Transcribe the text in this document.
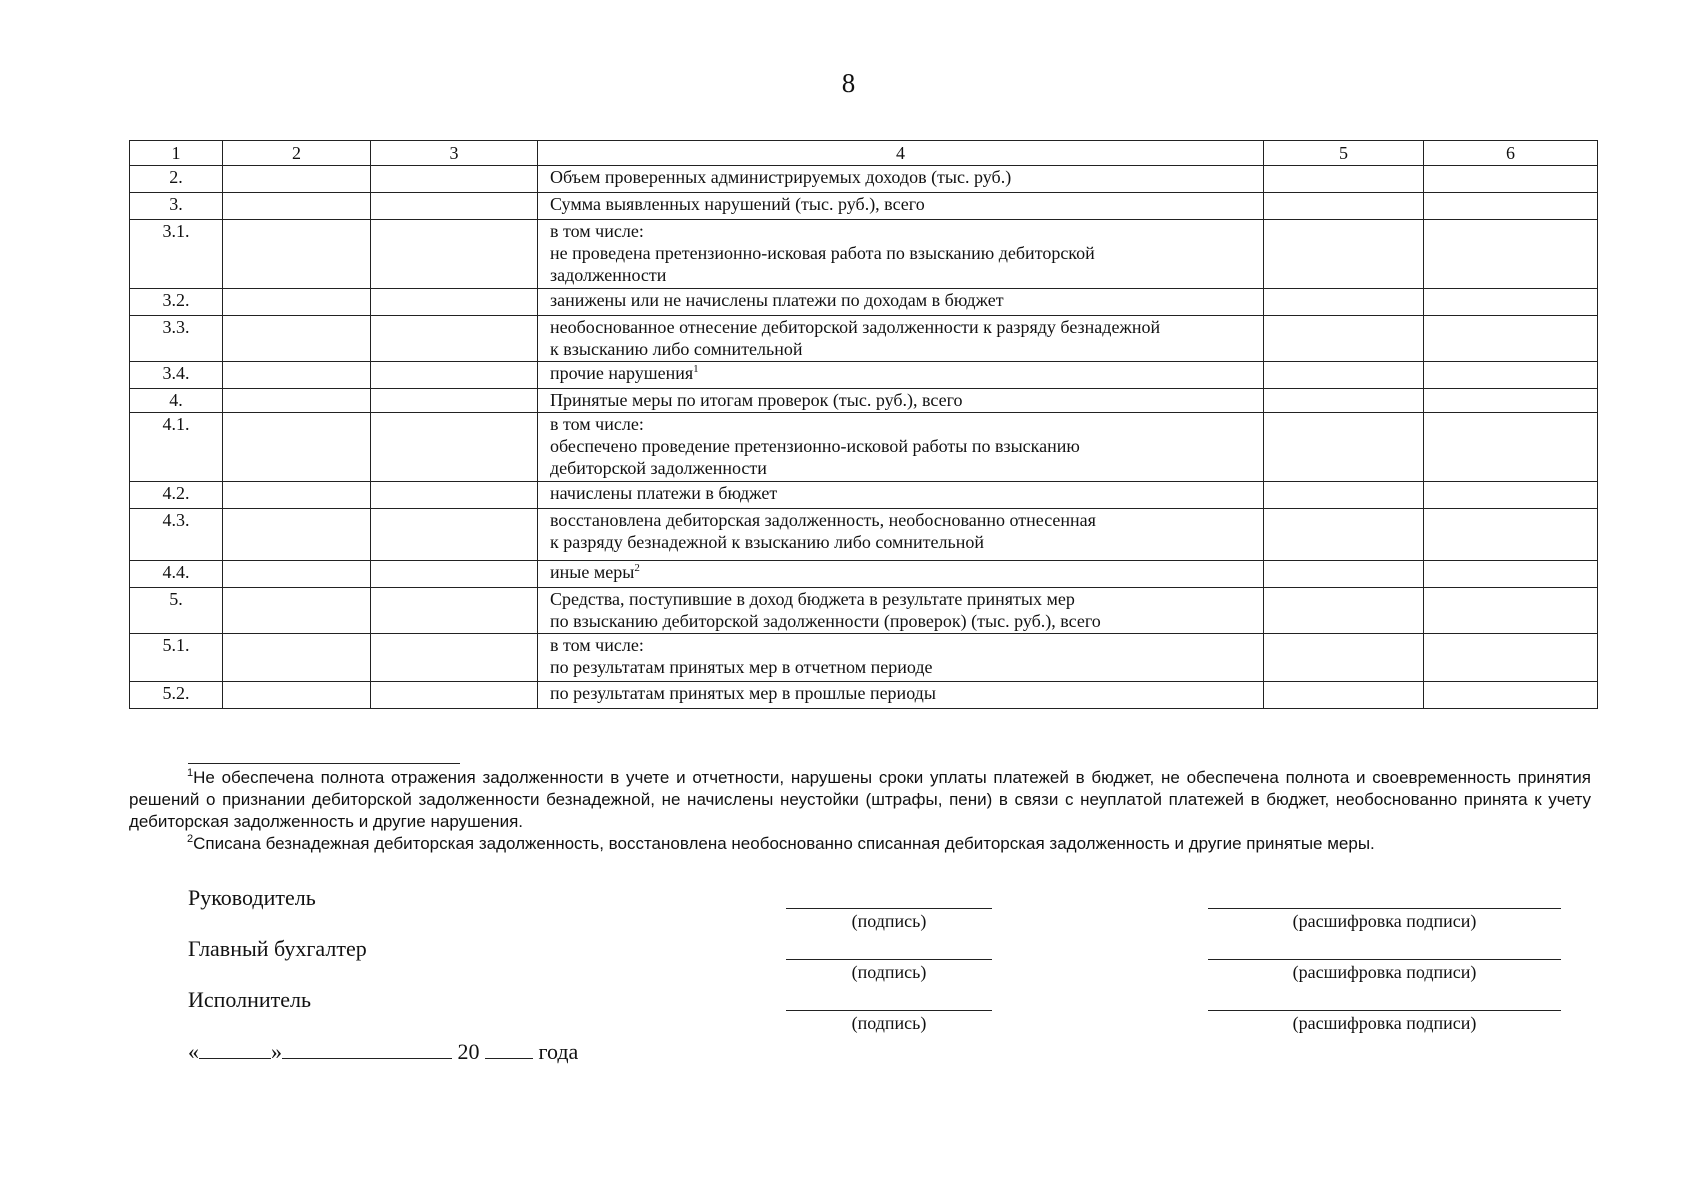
8
1	2	3	4	5	6
2.			Объем проверенных администрируемых доходов (тыс. руб.)		

3.			Сумма выявленных нарушений (тыс. руб.), всего		

3.1.			в том числе:
не проведена претензионно-исковая работа по взысканию дебиторской
задолженности		

3.2.			занижены или не начислены платежи по доходам в бюджет		

3.3.			необоснованное отнесение дебиторской задолженности к разряду безнадежной
к взысканию либо сомнительной		

3.4.			прочие нарушения$^1$

4.			Принятые меры по итогам проверок (тыс. руб.), всего		

4.1.			в том числе:
обеспечено проведение претензионно-исковой работы по взысканию
дебиторской задолженности		

4.2.			начислены платежи в бюджет		

4.3.			восстановлена дебиторская задолженность, необоснованно отнесенная
к разряду безнадежной к взысканию либо сомнительной		

4.4.			иные меры$^2$

5.			Средства, поступившие в доход бюджета в результате принятых мер
по взысканию дебиторской задолженности (проверок) (тыс. руб.), всего		

5.1.			в том числе:
по результатам принятых мер в отчетном периоде		

5.2.			по результатам принятых мер в прошлые периоды		

$^1$Не обеспечена полнота отражения задолженности в учете и отчетности, нарушены сроки уплаты платежей в бюджет, не обеспечена полнота и своевременность принятия решений о признании дебиторской задолженности безнадежной, не начислены неустойки (штрафы, пени) в связи с неуплатой платежей в бюджет, необоснованно принята к учету дебиторская задолженность и другие нарушения.

$^2$Списана безнадежная дебиторская задолженность, восстановлена необоснованно списанная дебиторская задолженность и другие принятые меры.

Руководитель
(подпись)	(расшифровка подписи)
Главный бухгалтер
(подпись)	(расшифровка подписи)
Исполнитель
(подпись)	(расшифровка подписи)
«	»	20	года
